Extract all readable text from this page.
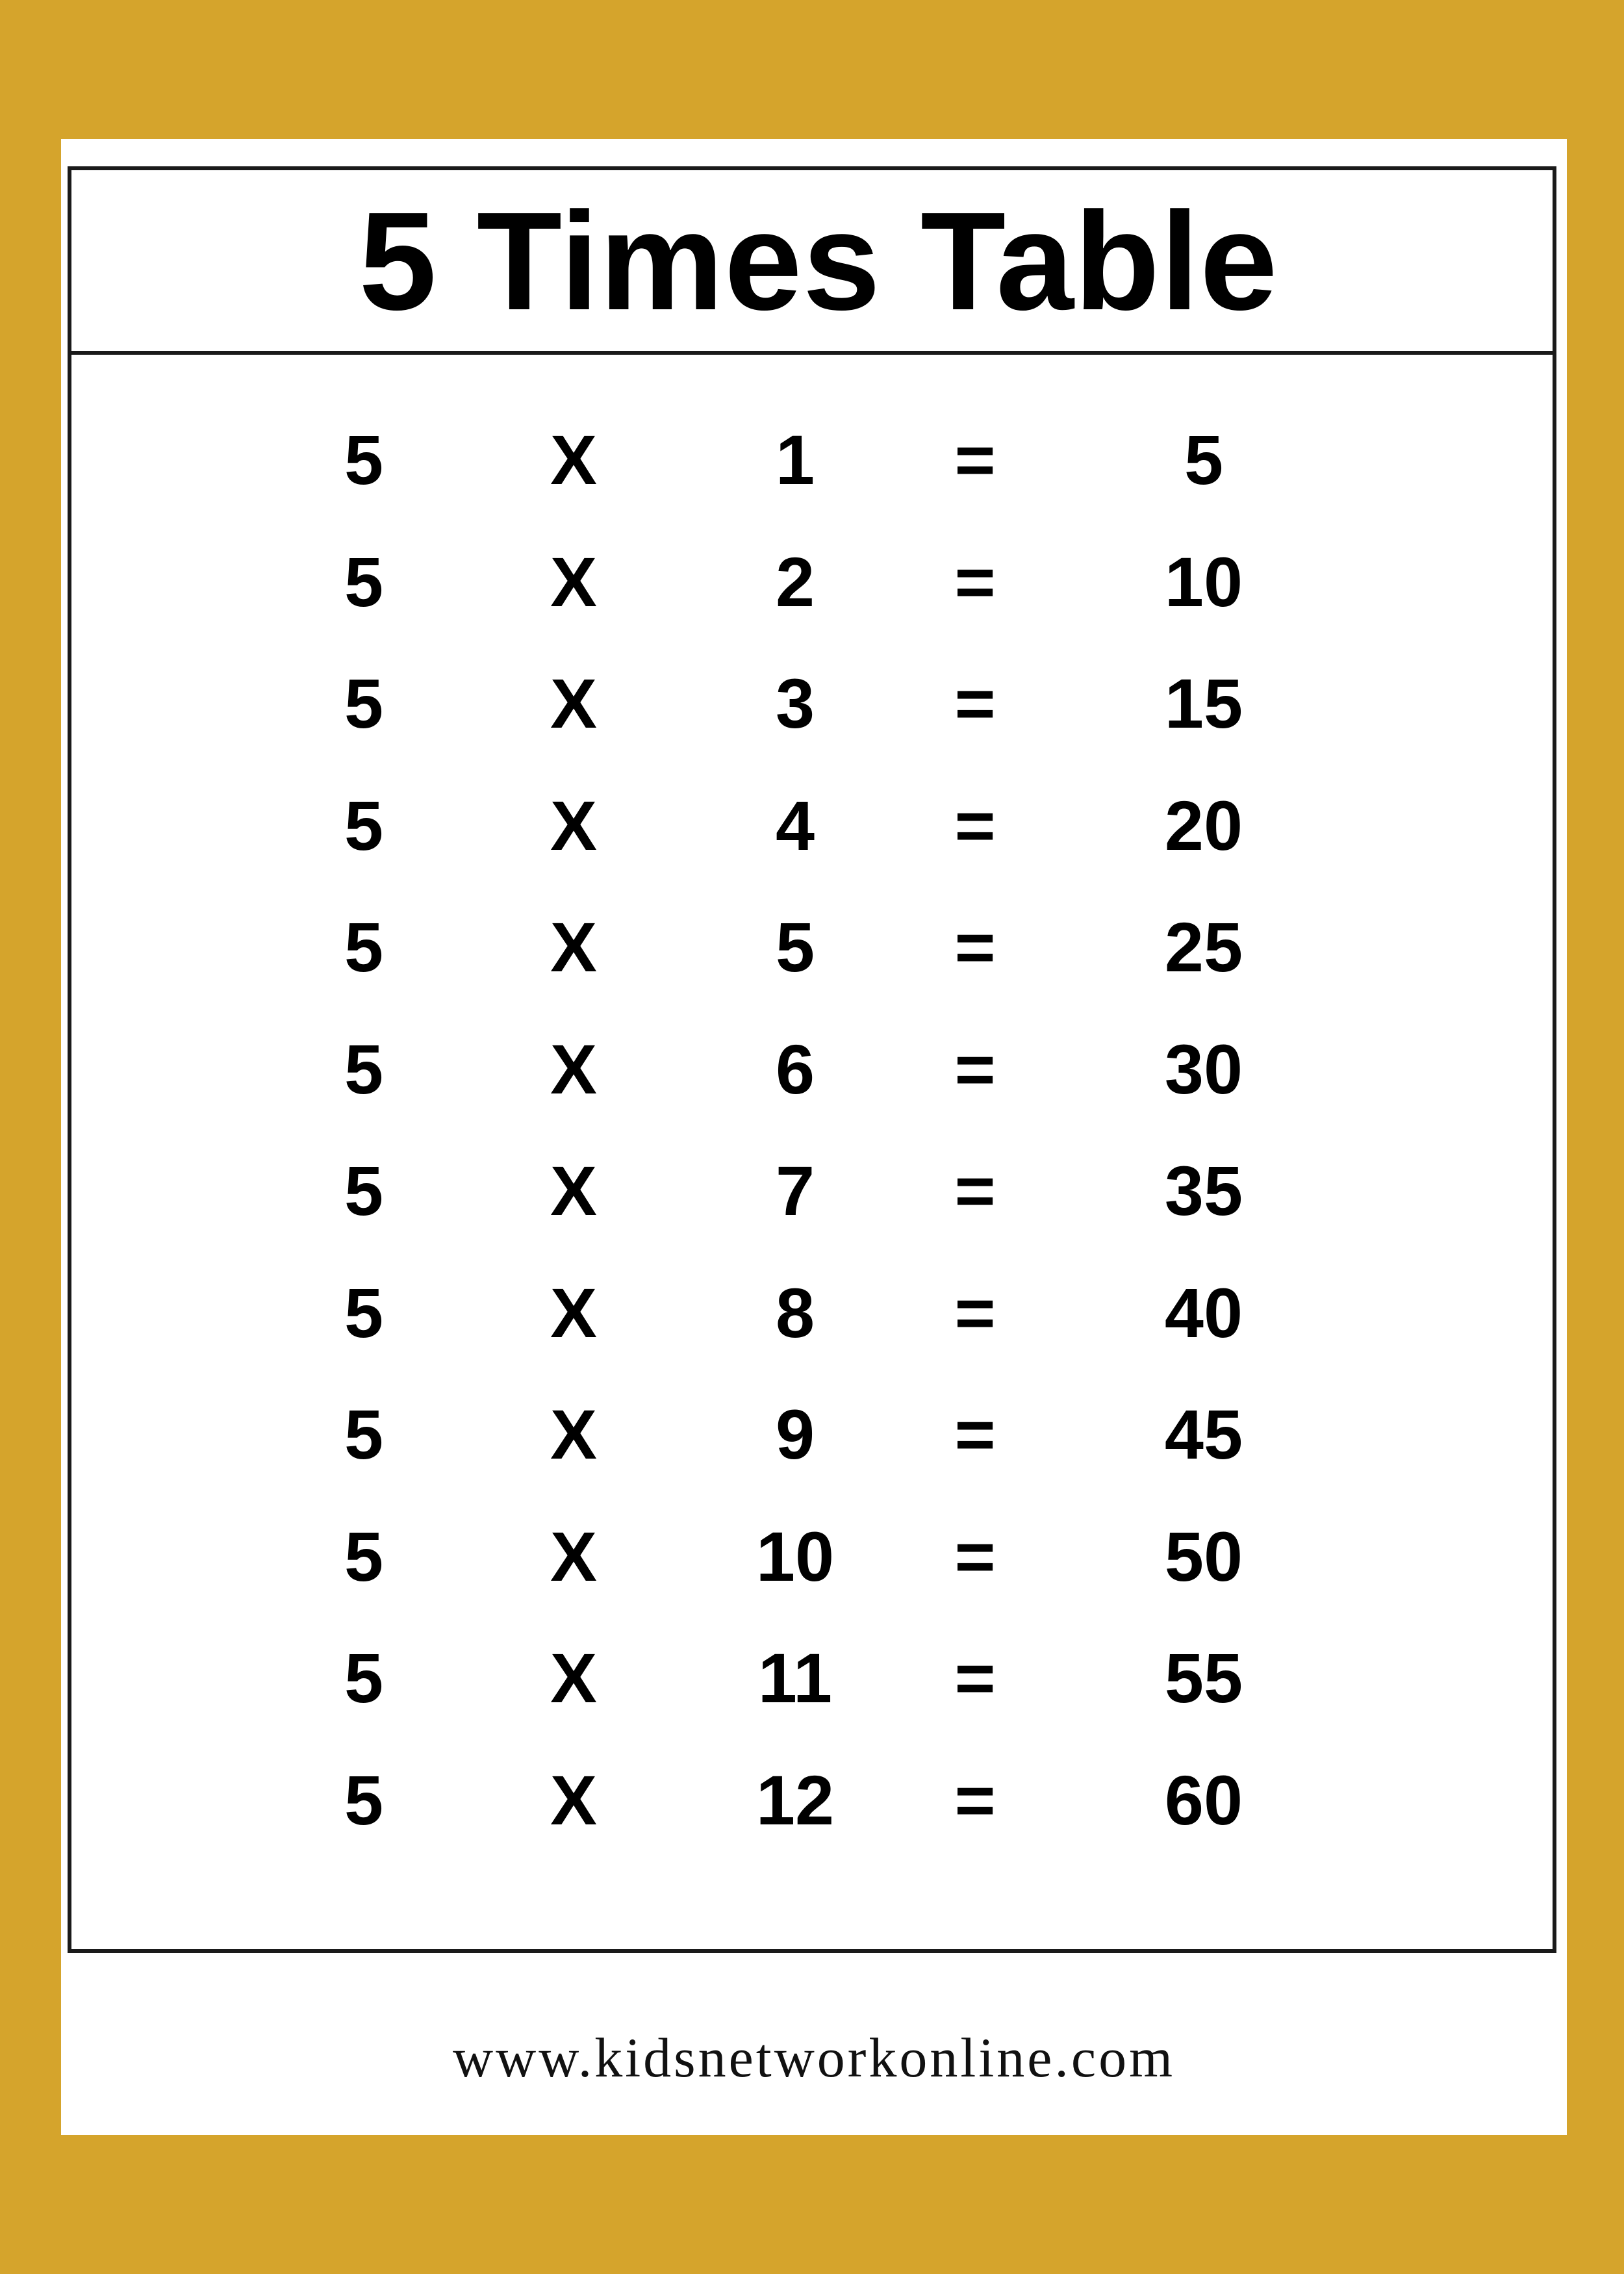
5 Times Table
5 X	1 =	5
5 X	2 = 10
5 X	3 = 15
5 X	4 = 20
5 X	5 = 25
5 X	6 = 30
5 X	7 = 35
5 X	8 = 40
5 X	9 = 45
5 X 10 = 50
5 X 11 = 55
5 X 12 = 60
www.kidsnetworkonline.com
